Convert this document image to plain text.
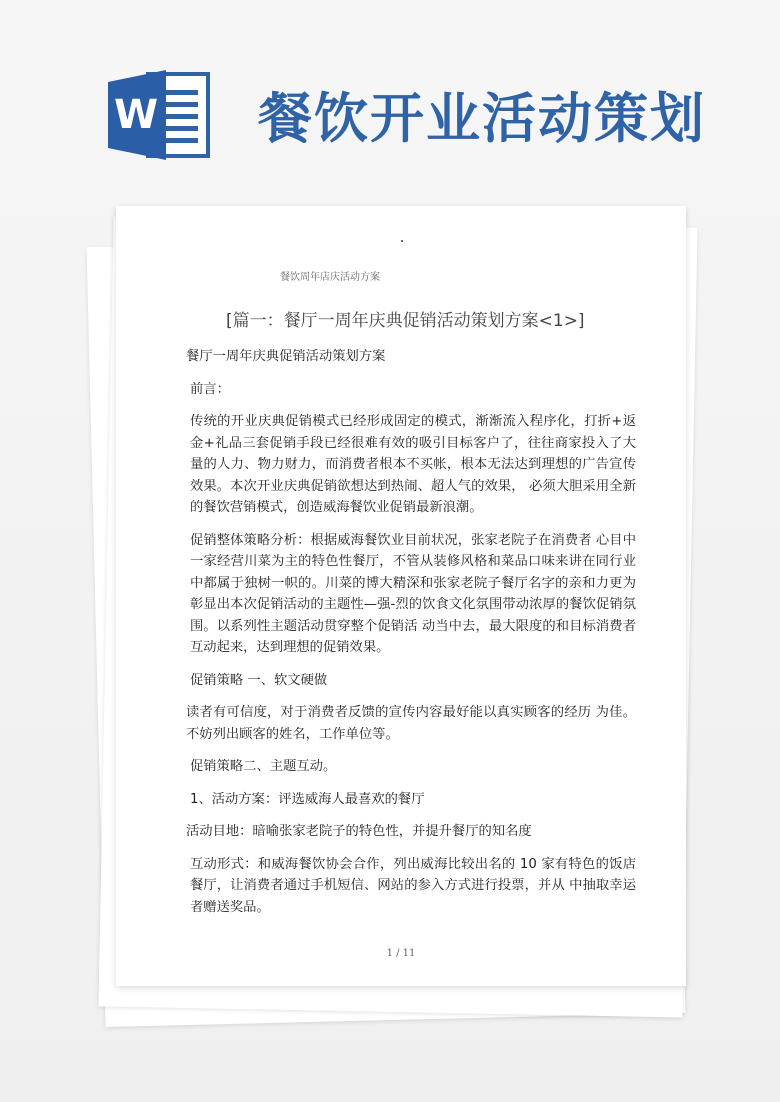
W 餐饮开业活动策划
餐饮周年店庆活动方案
[篇一：餐厅一周年庆典促销活动策划方案<1>]

餐厅一周年庆典促销活动策划方案

前言：

传统的开业庆典促销模式已经形成固定的模式，渐渐流入程序化，打折+返金+礼品三套促销手段已经很难有效的吸引目标客户了，往往商家投入了大量的人力、物力财力，而消费者根本不买帐，根本无法达到理想的广告宣传效果。本次开业庆典促销欲想达到热闹、超人气的效果， 必须大胆采用全新的餐饮营销模式，创造威海餐饮业促销最新浪潮。

促销整体策略分析：根据威海餐饮业目前状况，张家老院子在消费者 心目中一家经营川菜为主的特色性餐厅，不管从装修风格和菜品口味来讲在同行业中都属于独树一帜的。川菜的博大精深和张家老院子餐厅名字的亲和力更为彰显出本次促销活动的主题性—强-烈的饮食文化氛围带动浓厚的餐饮促销氛围。以系列性主题活动贯穿整个促销活 动当中去，最大限度的和目标消费者互动起来，达到理想的促销效果。

促销策略 一、软文硬做

读者有可信度，对于消费者反馈的宣传内容最好能以真实顾客的经历 为佳。不妨列出顾客的姓名，工作单位等。

促销策略二、主题互动。

1、活动方案：评选威海人最喜欢的餐厅

活动目地：暗喻张家老院子的特色性，并提升餐厅的知名度

互动形式：和威海餐饮协会合作，列出威海比较出名的 10 家有特色的饭店餐厅，让消费者通过手机短信、网站的参入方式进行投票，并从 中抽取幸运者赠送奖品。

1 / 11
